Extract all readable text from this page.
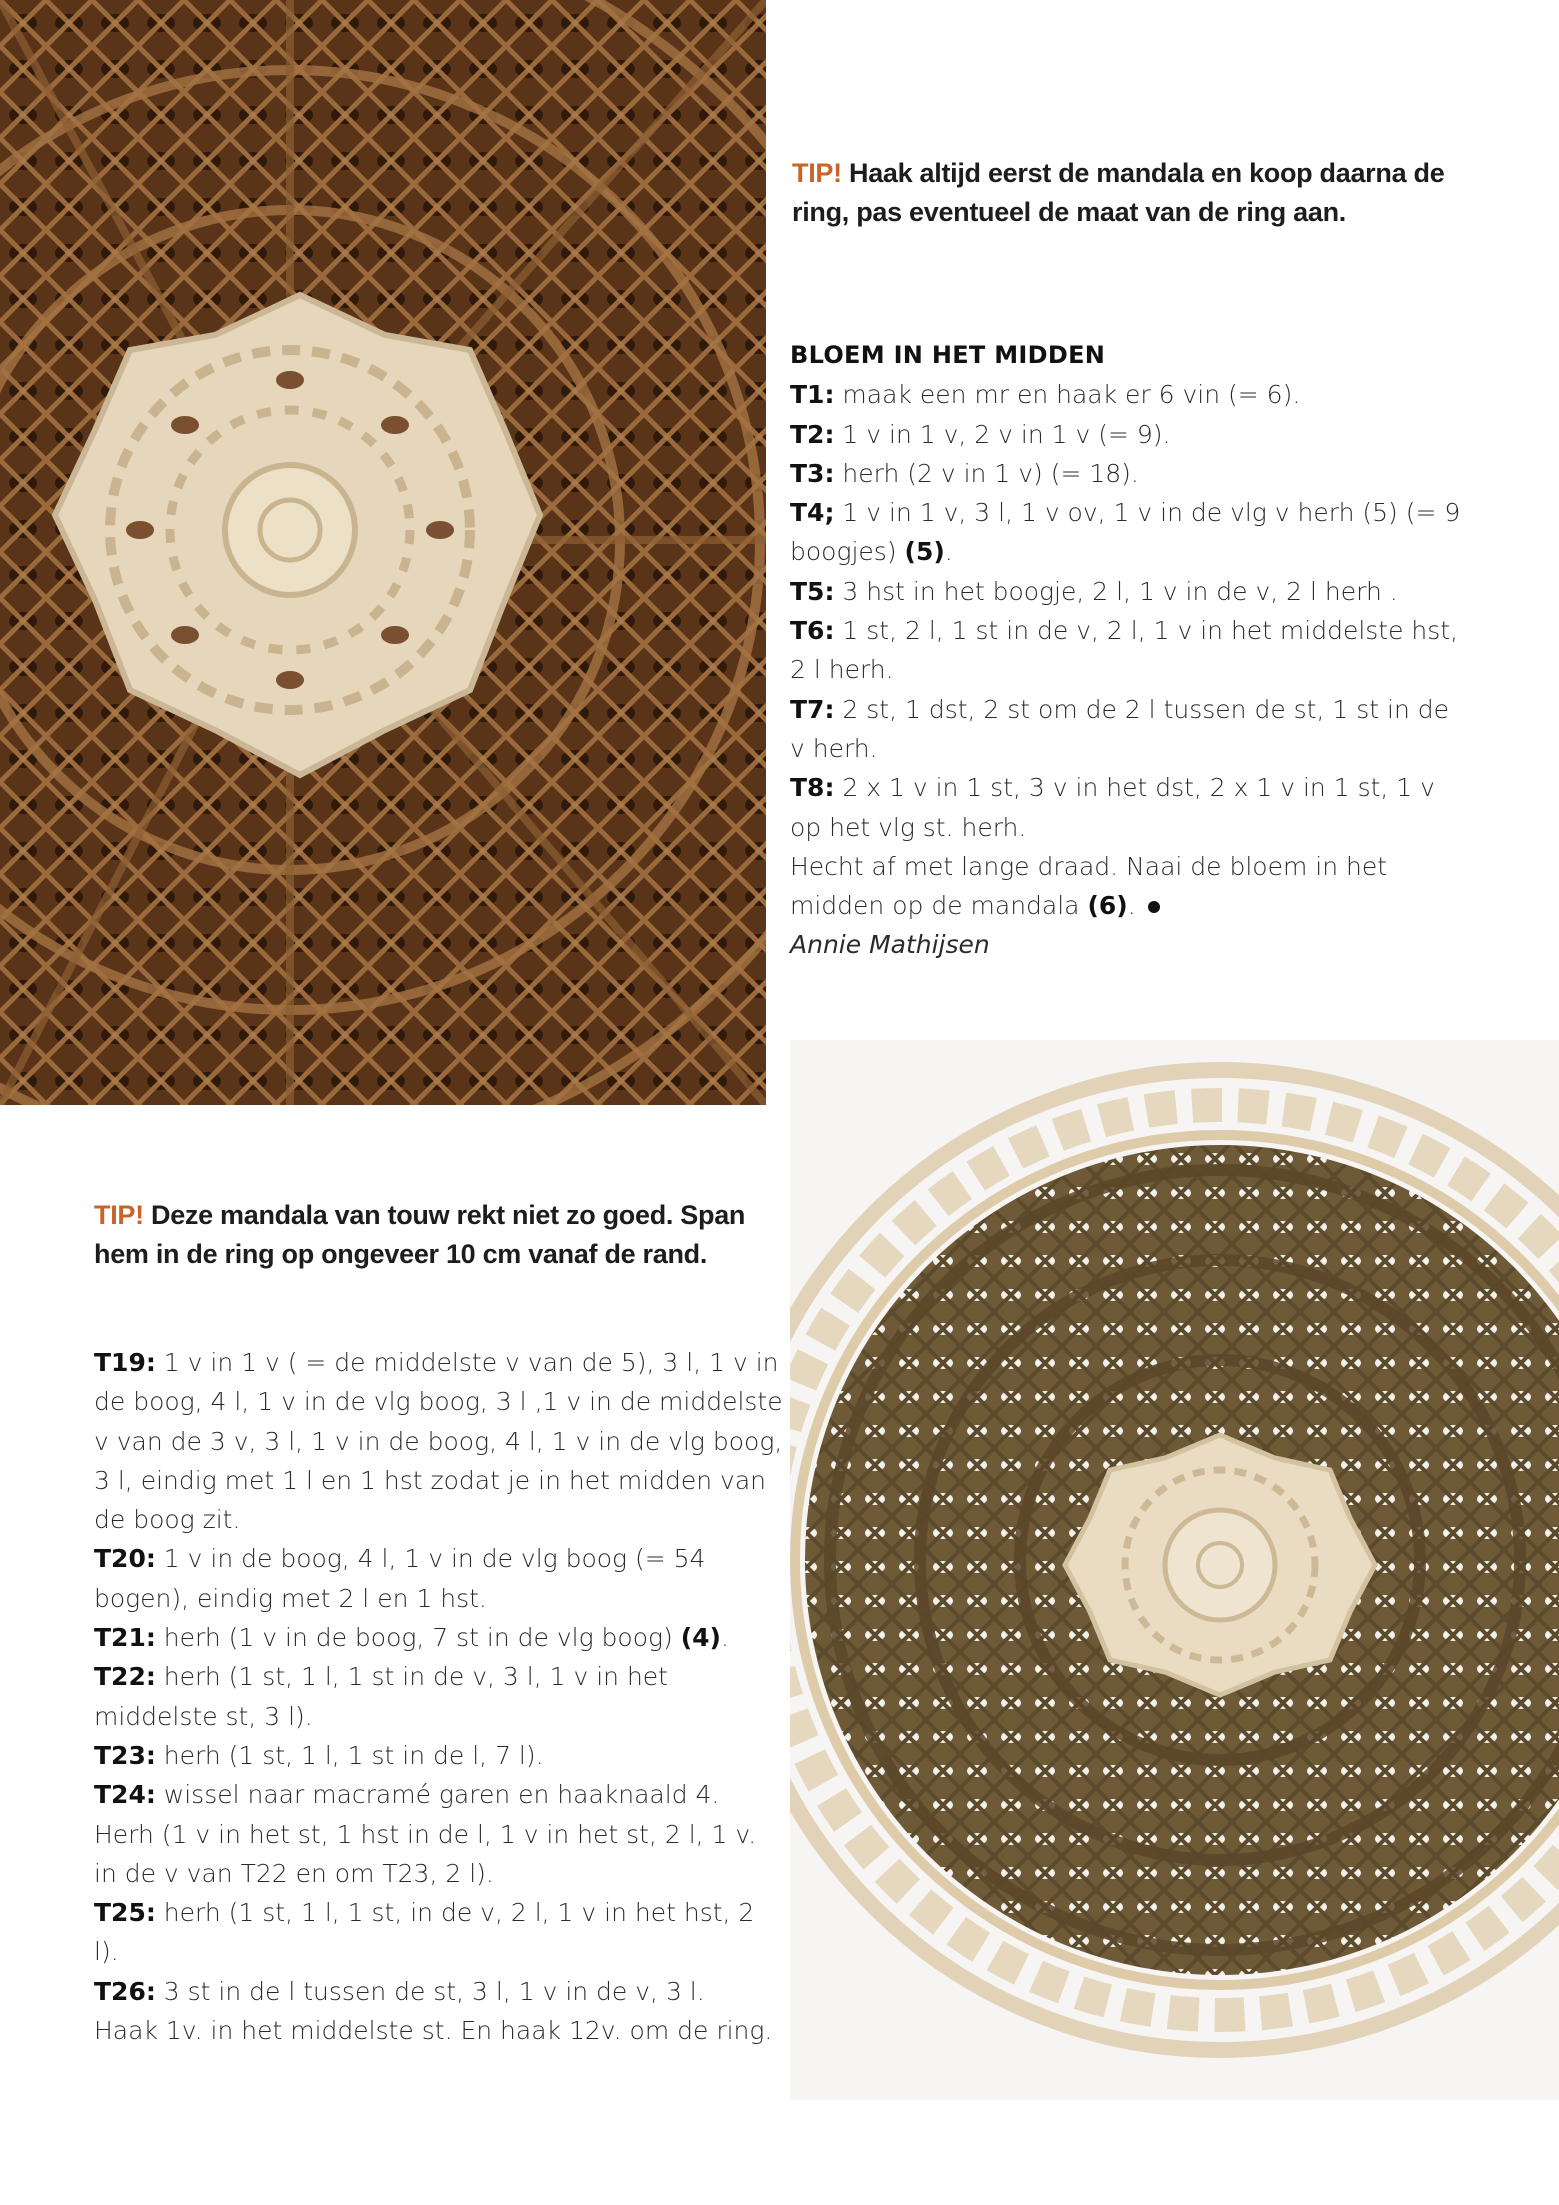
TIP! Haak altijd eerst de mandala en koop daarna de ring, pas eventueel de maat van de ring aan.

BLOEM IN HET MIDDEN

T1: maak een mr en haak er 6 vin (= 6).

T2: 1 v in 1 v, 2 v in 1 v (= 9).

T3: herh (2 v in 1 v) (= 18).

T4; 1 v in 1 v, 3 l, 1 v ov, 1 v in de vlg v herh (5) (= 9 boogjes) (5).

T5: 3 hst in het boogje, 2 l, 1 v in de v, 2 l herh .

T6: 1 st, 2 l, 1 st in de v, 2 l, 1 v in het middelste hst, 2 l herh.

T7: 2 st, 1 dst, 2 st om de 2 l tussen de st, 1 st in de v herh.

T8: 2 x 1 v in 1 st, 3 v in het dst, 2 x 1 v in 1 st, 1 v op het vlg st. herh.

Hecht af met lange draad. Naai de bloem in het midden op de mandala (6).

Annie Mathijsen

TIP! Deze mandala van touw rekt niet zo goed. Span hem in de ring op ongeveer 10 cm vanaf de rand.

T19: 1 v in 1 v ( = de middelste v van de 5), 3 l, 1 v in de boog, 4 l, 1 v in de vlg boog, 3 l ,1 v in de middelste v van de 3 v, 3 l, 1 v in de boog, 4 l, 1 v in de vlg boog, 3 l, eindig met 1 l en 1 hst zodat je in het midden van de boog zit.

T20: 1 v in de boog, 4 l, 1 v in de vlg boog (= 54 bogen), eindig met 2 l en 1 hst.

T21: herh (1 v in de boog, 7 st in de vlg boog) (4).

T22: herh (1 st, 1 l, 1 st in de v, 3 l, 1 v in het middelste st, 3 l).

T23: herh (1 st, 1 l, 1 st in de l, 7 l).

T24: wissel naar macramé garen en haaknaald 4. Herh (1 v in het st, 1 hst in de l, 1 v in het st, 2 l, 1 v. in de v van T22 en om T23, 2 l).

T25: herh (1 st, 1 l, 1 st, in de v, 2 l, 1 v in het hst, 2 l).

T26: 3 st in de l tussen de st, 3 l, 1 v in de v, 3 l.

Haak 1v. in het middelste st. En haak 12v. om de ring.
